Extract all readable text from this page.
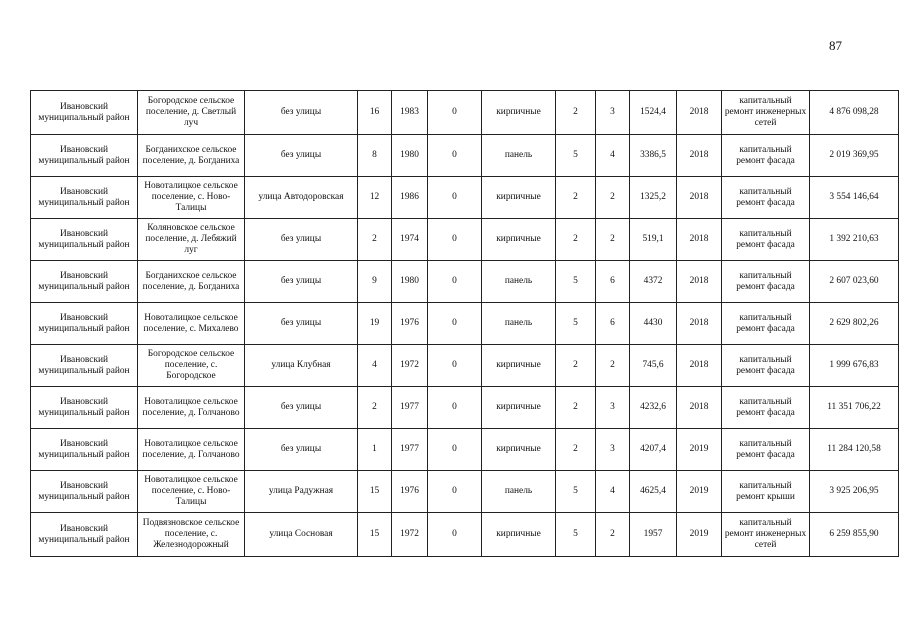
87
Ивановский муниципальный район	Богородское сельское поселение, д. Светлый луч	без улицы	16	1983	0	кирпичные	2	3	1524,4	2018	капитальный ремонт инженерных сетей	4 876 098,28
Ивановский муниципальный район	Богданихское сельское поселение, д. Богданиха	без улицы	8	1980	0	панель	5	4	3386,5	2018	капитальный ремонт фасада	2 019 369,95
Ивановский муниципальный район	Новоталицкое сельское поселение, с. Ново-Талицы	улица Автодоровская	12	1986	0	кирпичные	2	2	1325,2	2018	капитальный ремонт фасада	3 554 146,64
Ивановский муниципальный район	Коляновское сельское поселение, д. Лебяжий луг	без улицы	2	1974	0	кирпичные	2	2	519,1	2018	капитальный ремонт фасада	1 392 210,63
Ивановский муниципальный район	Богданихское сельское поселение, д. Богданиха	без улицы	9	1980	0	панель	5	6	4372	2018	капитальный ремонт фасада	2 607 023,60
Ивановский муниципальный район	Новоталицкое сельское поселение, с. Михалево	без улицы	19	1976	0	панель	5	6	4430	2018	капитальный ремонт фасада	2 629 802,26
Ивановский муниципальный район	Богородское сельское поселение, с. Богородское	улица Клубная	4	1972	0	кирпичные	2	2	745,6	2018	капитальный ремонт фасада	1 999 676,83
Ивановский муниципальный район	Новоталицкое сельское поселение, д. Голчаново	без улицы	2	1977	0	кирпичные	2	3	4232,6	2018	капитальный ремонт фасада	11 351 706,22
Ивановский муниципальный район	Новоталицкое сельское поселение, д. Голчаново	без улицы	1	1977	0	кирпичные	2	3	4207,4	2019	капитальный ремонт фасада	11 284 120,58
Ивановский муниципальный район	Новоталицкое сельское поселение, с. Ново-Талицы	улица Радужная	15	1976	0	панель	5	4	4625,4	2019	капитальный ремонт крыши	3 925 206,95
Ивановский муниципальный район	Подвязновское сельское поселение, с. Железнодорожный	улица Сосновая	15	1972	0	кирпичные	5	2	1957	2019	капитальный ремонт инженерных сетей	6 259 855,90
